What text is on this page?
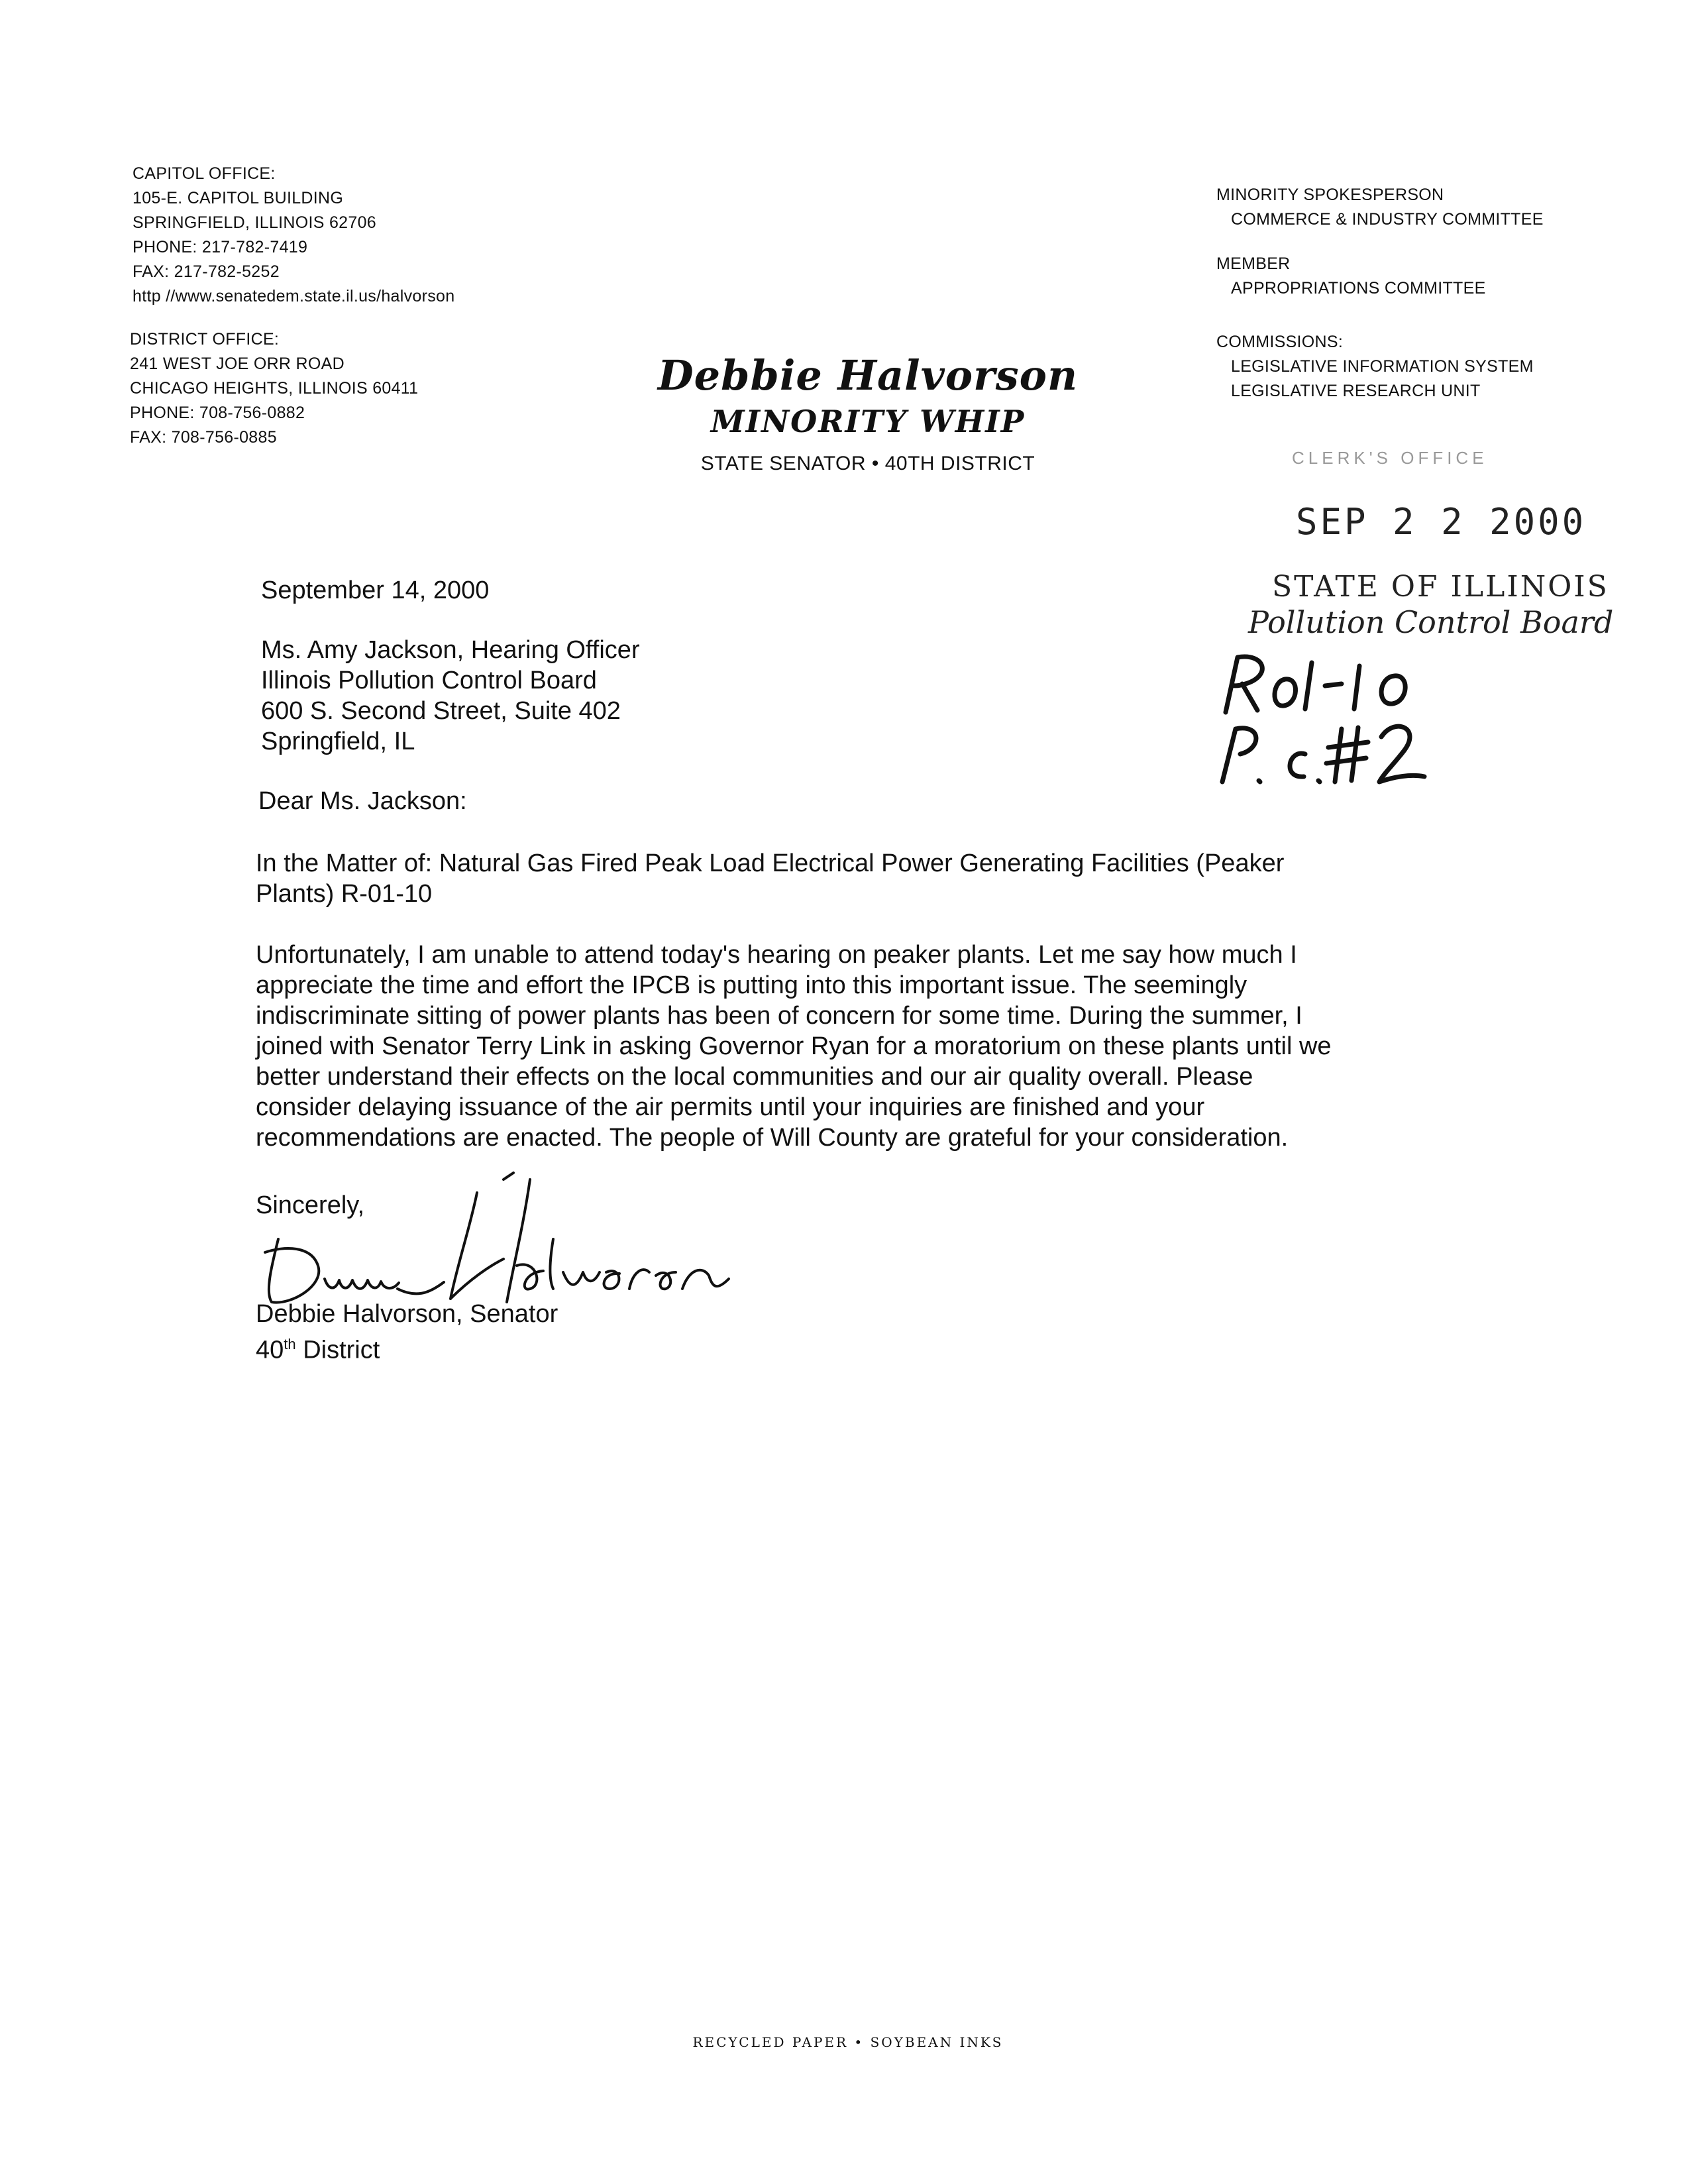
CAPITOL OFFICE:
105-E. CAPITOL BUILDING
SPRINGFIELD, ILLINOIS 62706
PHONE: 217-782-7419
FAX: 217-782-5252
http //www.senatedem.state.il.us/halvorson
DISTRICT OFFICE:
241 WEST JOE ORR ROAD
CHICAGO HEIGHTS, ILLINOIS 60411
PHONE: 708-756-0882
FAX: 708-756-0885
Debbie Halvorson
MINORITY WHIP
STATE SENATOR • 40TH DISTRICT
MINORITY SPOKESPERSON
COMMERCE & INDUSTRY COMMITTEE
MEMBER
APPROPRIATIONS COMMITTEE
COMMISSIONS:
LEGISLATIVE INFORMATION SYSTEM
LEGISLATIVE RESEARCH UNIT
CLERK'S OFFICE
SEP 2 2 2000
STATE OF ILLINOIS
Pollution Control Board
September 14, 2000
Ms. Amy Jackson, Hearing Officer
Illinois Pollution Control Board
600 S. Second Street, Suite 402
Springfield, IL
Dear Ms. Jackson:
In the Matter of: Natural Gas Fired Peak Load Electrical Power Generating Facilities (Peaker
Plants) R-01-10
Unfortunately, I am unable to attend today's hearing on peaker plants. Let me say how much I
appreciate the time and effort the IPCB is putting into this important issue. The seemingly
indiscriminate sitting of power plants has been of concern for some time. During the summer, I
joined with Senator Terry Link in asking Governor Ryan for a moratorium on these plants until we
better understand their effects on the local communities and our air quality overall. Please
consider delaying issuance of the air permits until your inquiries are finished and your
recommendations are enacted. The people of Will County are grateful for your consideration.
Sincerely,
Debbie Halvorson, Senator
40th District
RECYCLED PAPER • SOYBEAN INKS
